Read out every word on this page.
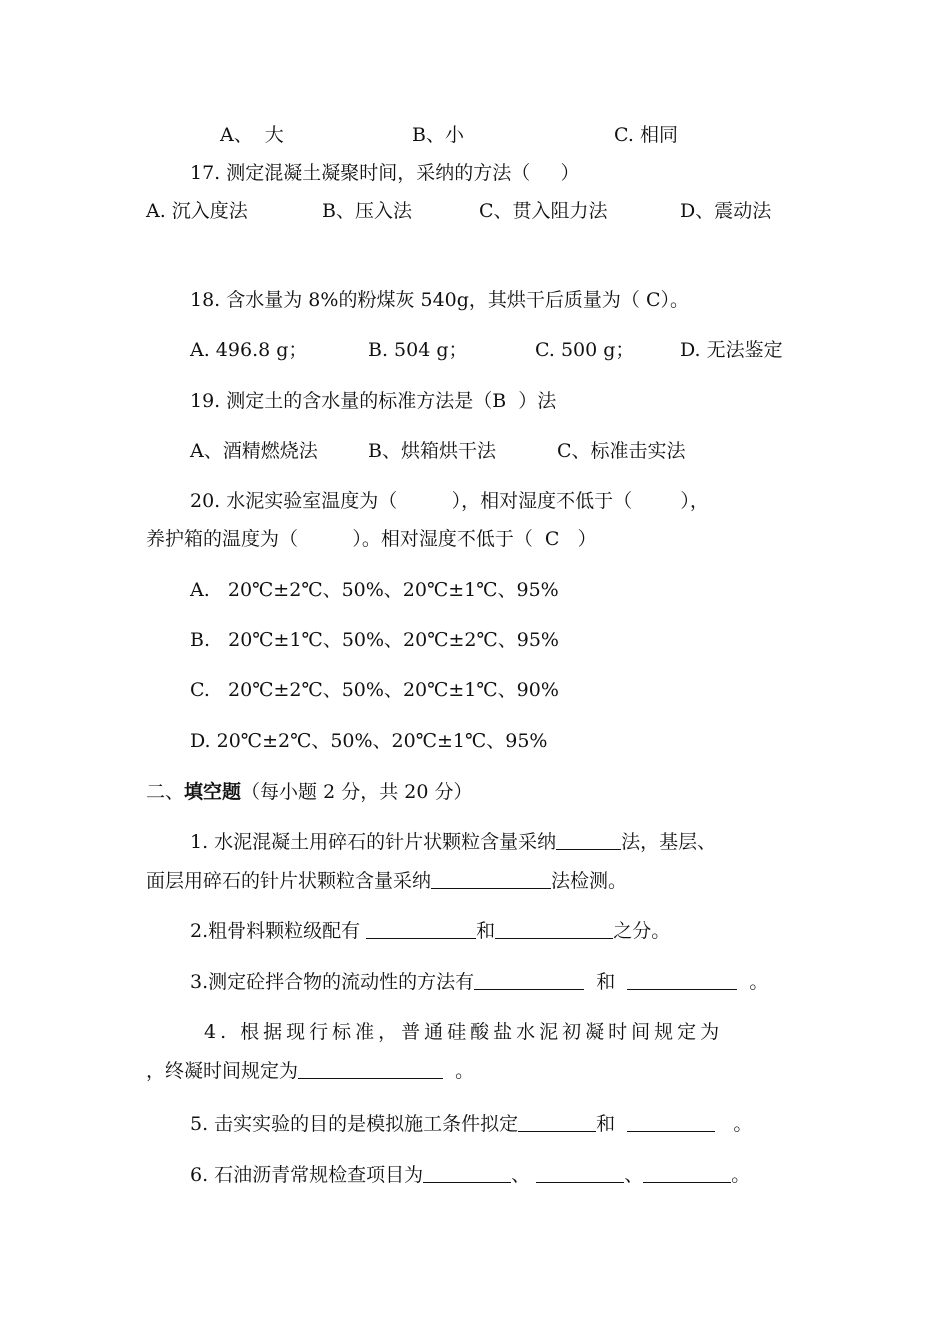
A、  大	B、小	C. 相同
17. 测定混凝土凝聚时间，采纳的方法（     ）
A. 沉入度法	B、压入法	C、贯入阻力法	D、震动法
18. 含水量为 8%的粉煤灰 540g，其烘干后质量为（ C）。
A. 496.8 g；	B. 504 g；	C. 500 g； D. 无法鉴定
19. 测定土的含水量的标准方法是（B  ）法
A、酒精燃烧法	B、烘箱烘干法	C、标准击实法
20. 水泥实验室温度为（         ），相对湿度不低于（        ），
养护箱的温度为（         ）。相对湿度不低于（  C   ）
A.   20℃±2℃、50%、20℃±1℃、95%
B.   20℃±1℃、50%、20℃±2℃、95%
C.   20℃±2℃、50%、20℃±1℃、90%
D. 20℃±2℃、50%、20℃±1℃、95%
二、填空题（每小题 2 分，共 20 分）
1. 水泥混凝土用碎石的针片状颗粒含量采纳	法，基层、
面层用碎石的针片状颗粒含量采纳	法检测。
2.粗骨料颗粒级配有	和	之分。
3.测定砼拌合物的流动性的方法有	和	。
4. 根据现行标准，普通硅酸盐水泥初凝时间规定为
，终凝时间规定为	。
5. 击实实验的目的是模拟施工条件拟定	和	。
6. 石油沥青常规检查项目为	、	、	。
